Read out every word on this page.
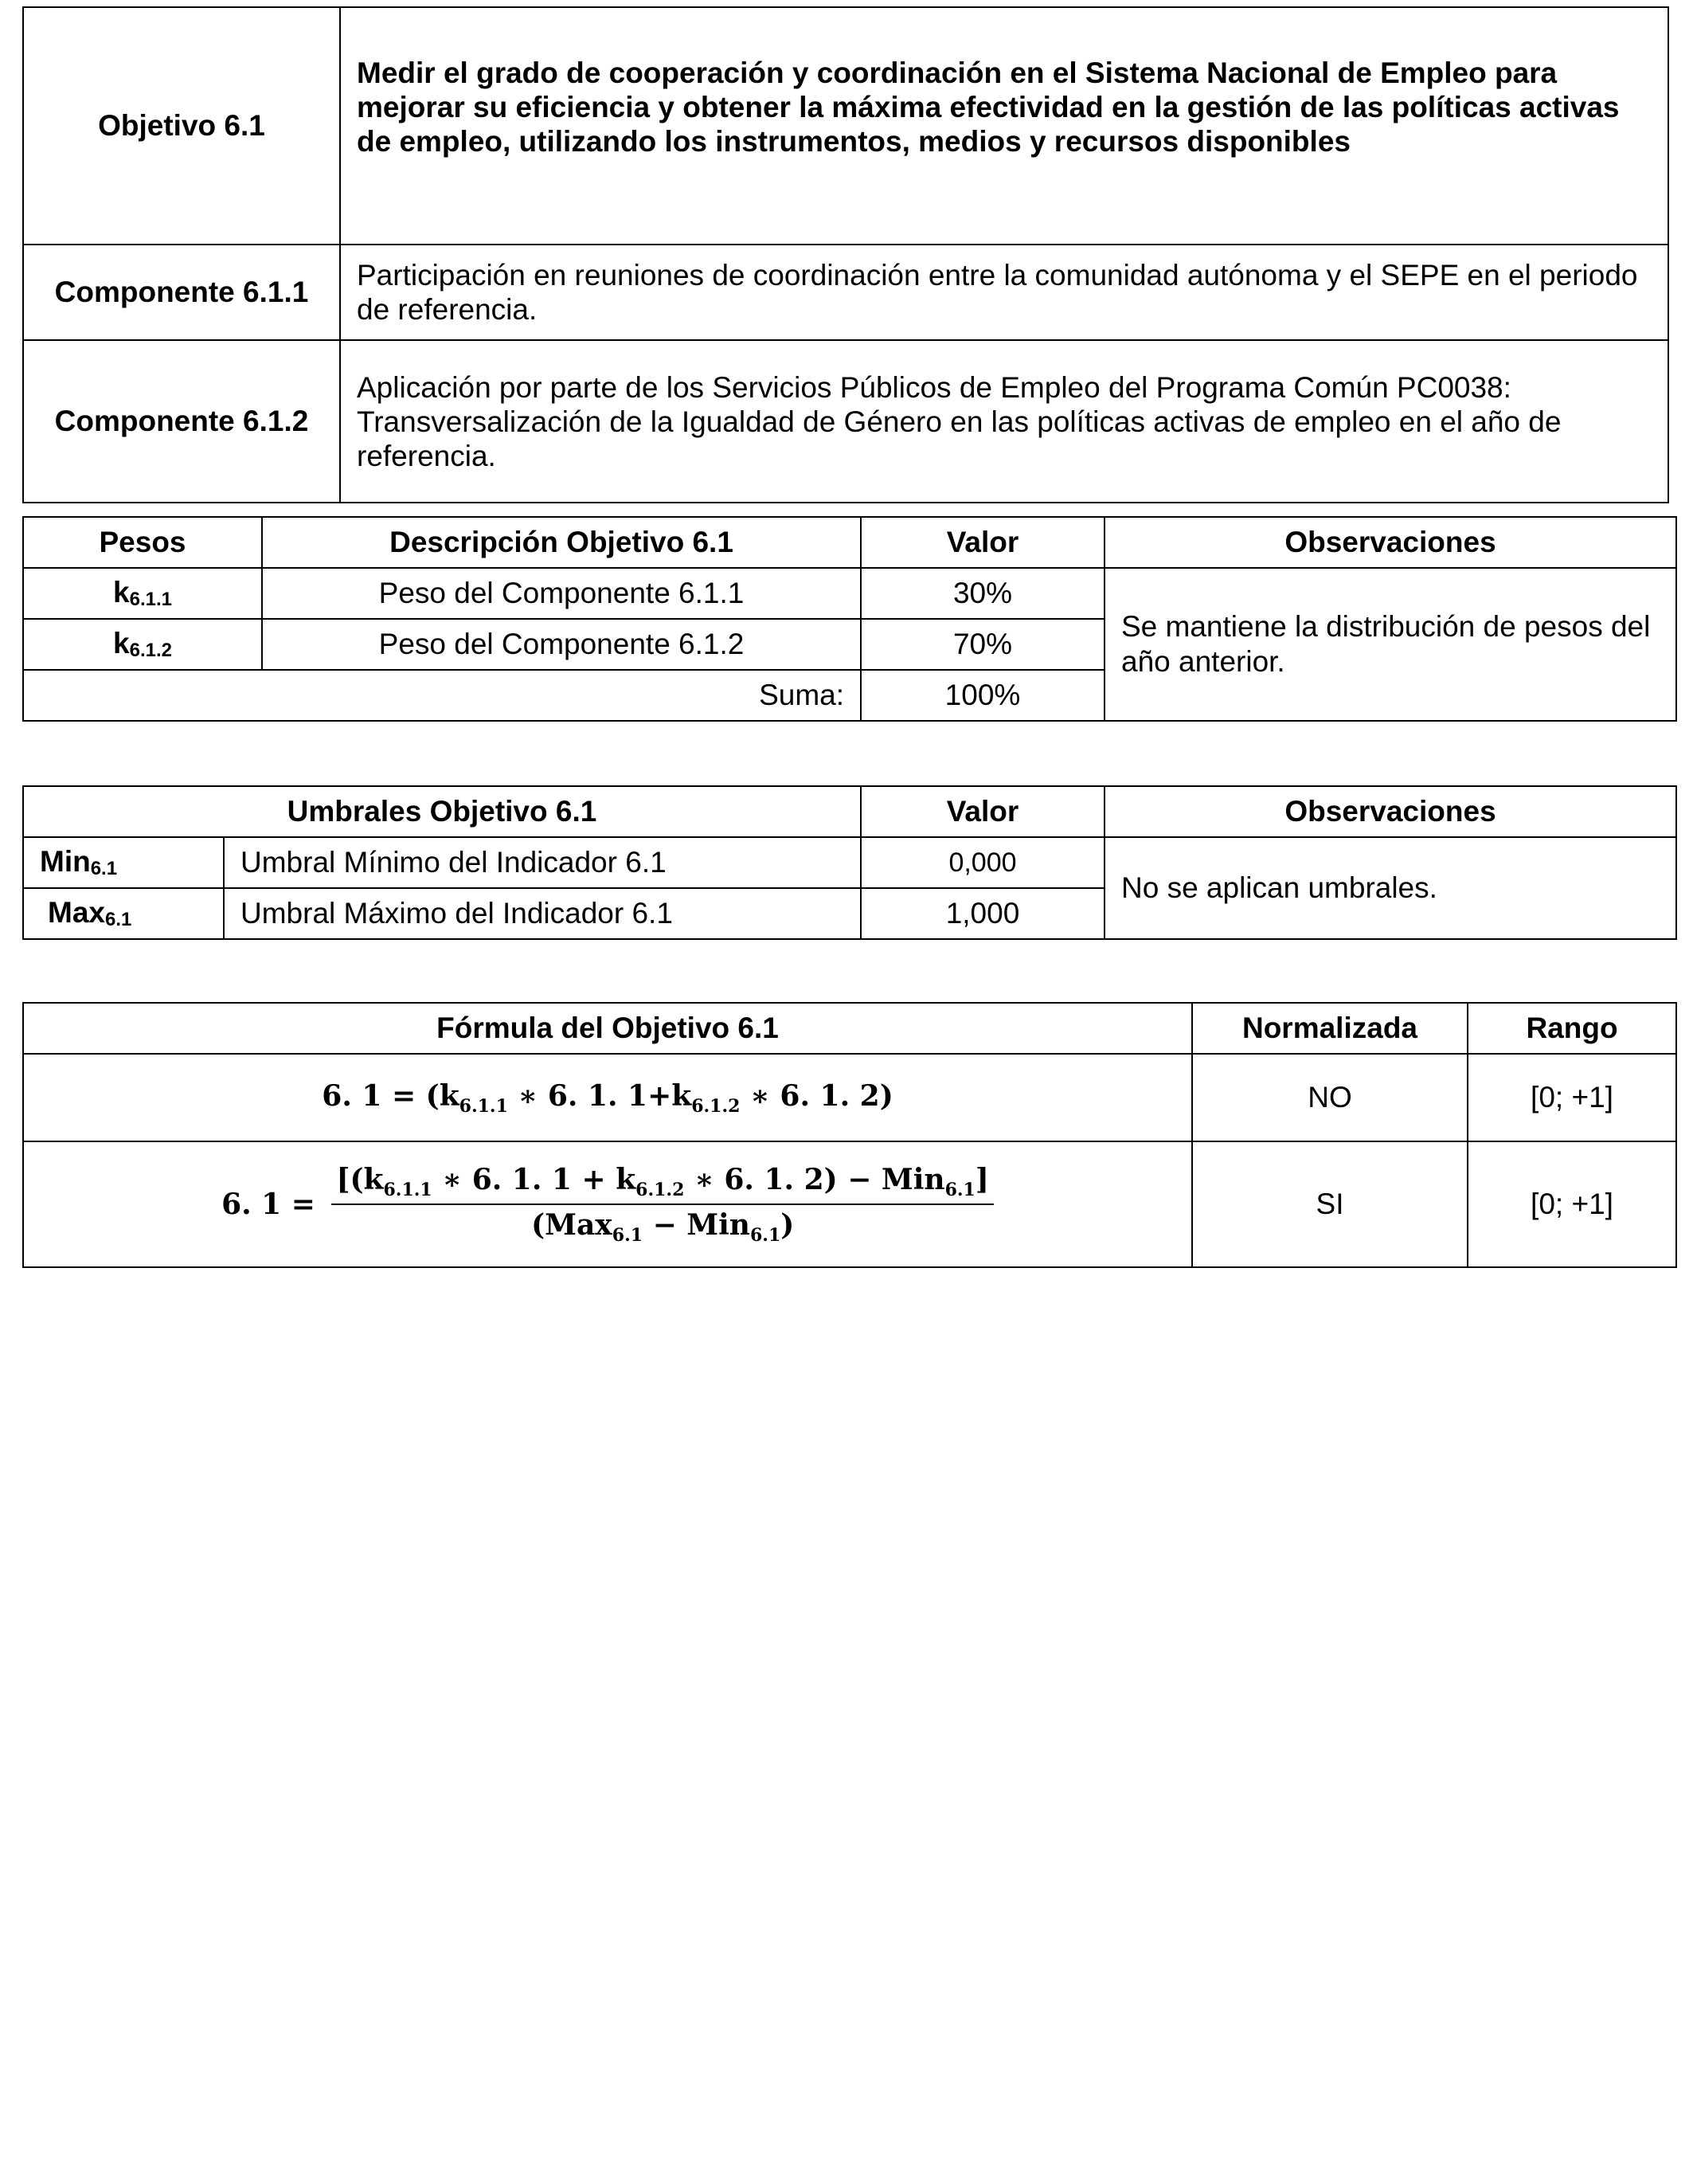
Objetivo 6.1	Medir el grado de cooperación y coordinación en el Sistema Nacional de Empleo para mejorar su eficiencia y obtener la máxima efectividad en la gestión de las políticas activas de empleo, utilizando los instrumentos, medios y recursos disponibles
Componente 6.1.1	Participación en reuniones de coordinación entre la comunidad autónoma y el SEPE en el periodo de referencia.
Componente 6.1.2	Aplicación por parte de los Servicios Públicos de Empleo del Programa Común PC0038: Transversalización de la Igualdad de Género en las políticas activas de empleo en el año de referencia.
Pesos	Descripción Objetivo 6.1	Valor	Observaciones
$k_{6.1.1}$	Peso del Componente 6.1.1	30%	Se mantiene la distribución de pesos del año anterior.
$k_{6.1.2}$	Peso del Componente 6.1.2	70%	
Suma:		100%	
Umbrales Objetivo 6.1		Valor	Observaciones
Min$_{6.1}$	Umbral Mínimo del Indicador 6.1	0,000	No se aplican umbrales.
Max$_{6.1}$	Umbral Máximo del Indicador 6.1	1,000	
Fórmula del Objetivo 6.1	Normalizada	Rango
6. $1 = (k_{6.1.1}$ ∗ 6. 1. $1+k_{6.1.2}$ ∗ 6. 1. 2)	NO	[0; +1]
6. $1 = \frac{[(k_{6.1.1} ∗ 6. 1. 1 + k_{6.1.2} ∗ 6. 1. 2) - Min_{6.1}]}{(Max_{6.1} - Min_{6.1})}$	SI	[0; +1]
